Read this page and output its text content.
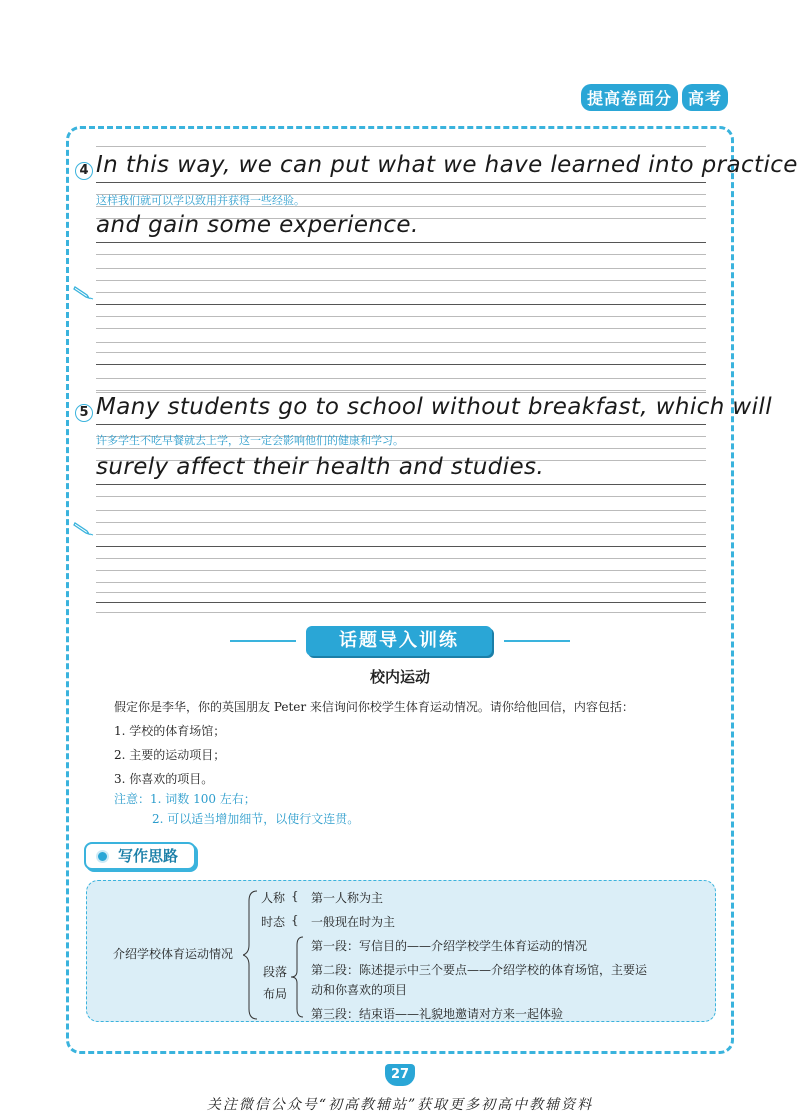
提高卷面分	高考
4 In this way, we can put what we have learned into practice
这样我们就可以学以致用并获得一些经验。
and gain some experience.
5 Many students go to school without breakfast, which will
许多学生不吃早餐就去上学，这一定会影响他们的健康和学习。
surely affect their health and studies.
话题导入训练
校内运动
假定你是李华，你的英国朋友 Peter 来信询问你校学生体育运动情况。请你给他回信，内容包括：
1. 学校的体育场馆；
2. 主要的运动项目；
3. 你喜欢的项目。
注意：1. 词数 100 左右；
2. 可以适当增加细节，以使行文连贯。
写作思路
介绍学校体育运动情况
人称 { 第一人称为主
时态 { 一般现在时为主
段落
布局
第一段：写信目的——介绍学校学生体育运动的情况
第二段：陈述提示中三个要点——介绍学校的体育场馆，主要运
动和你喜欢的项目
第三段：结束语——礼貌地邀请对方来一起体验
27
关注微信公众号“初高教辅站”获取更多初高中教辅资料
